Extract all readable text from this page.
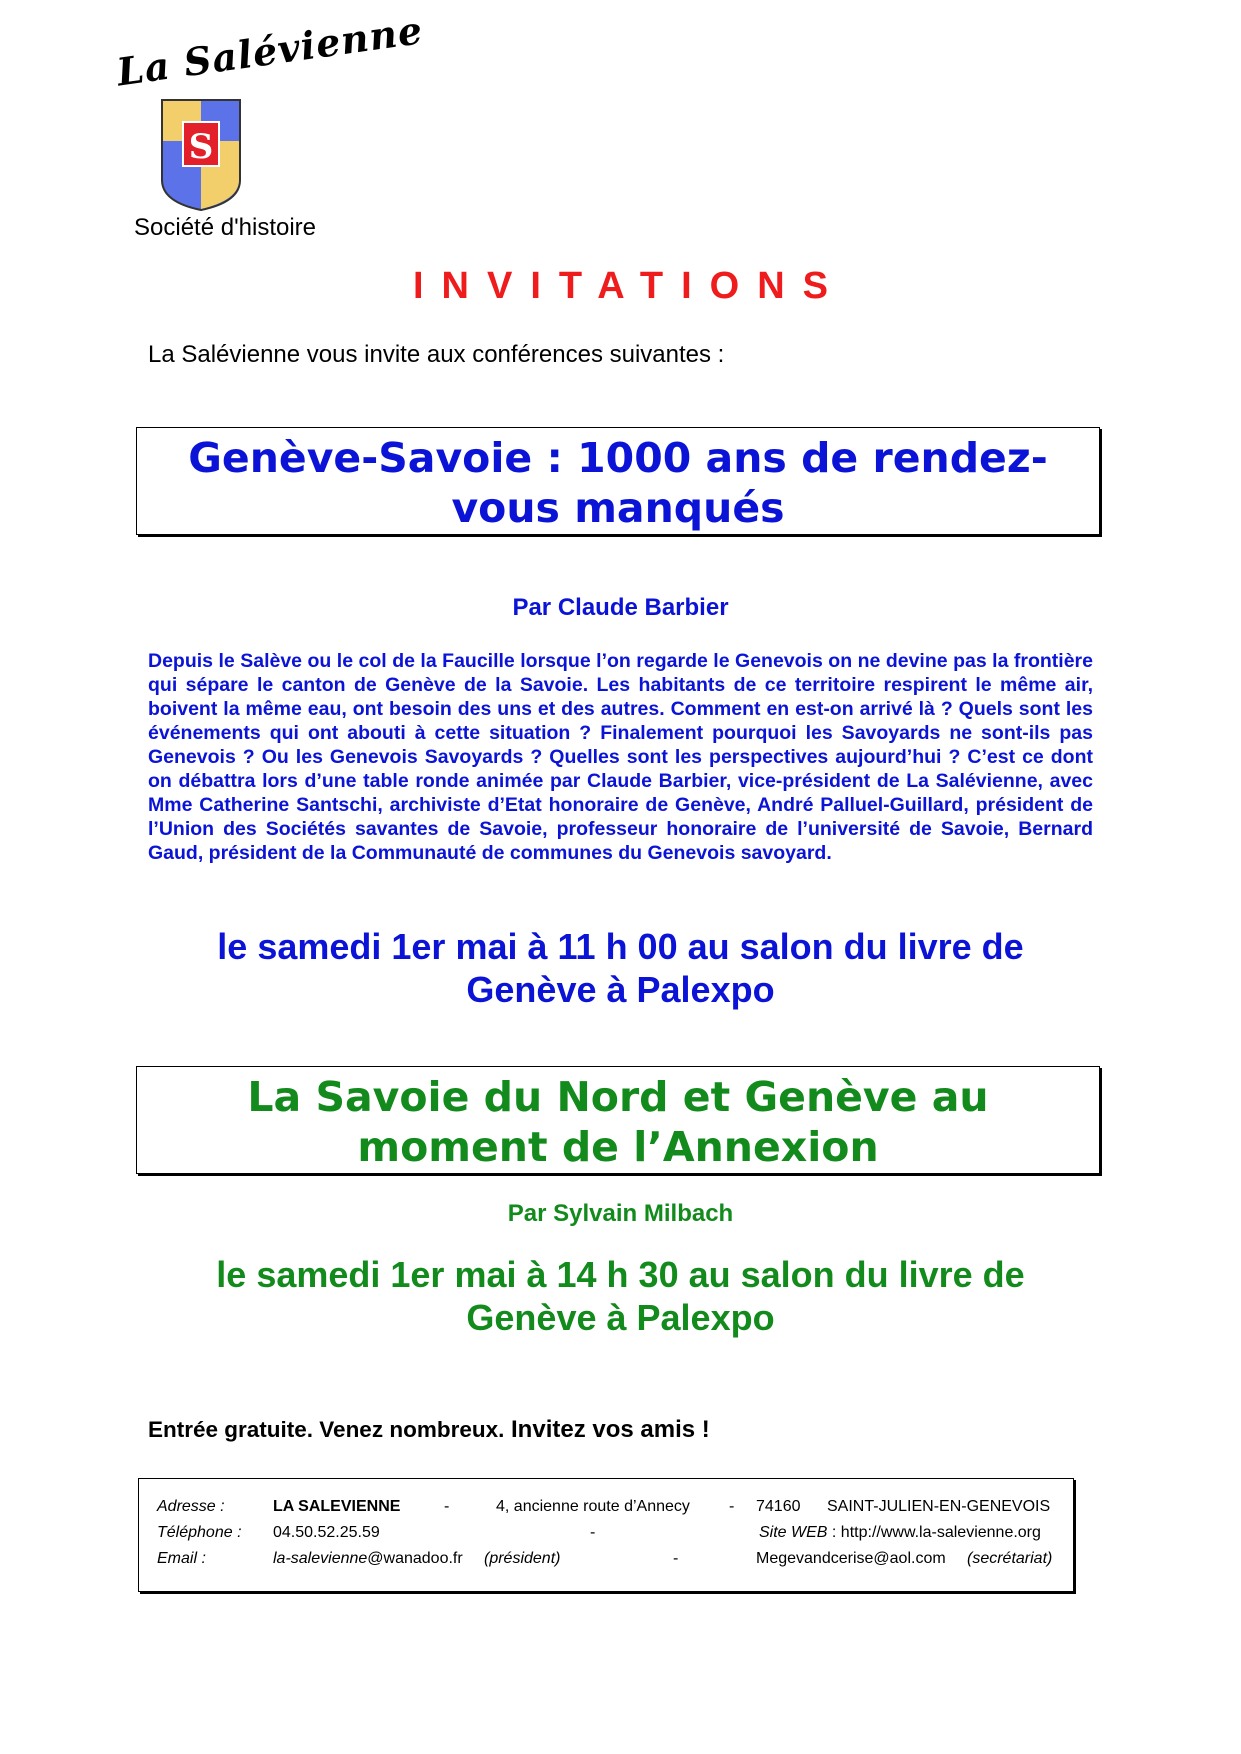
S
La Salévienne
Société d'histoire
INVITATIONS
La Salévienne vous invite aux conférences suivantes :
Genève-Savoie : 1000 ans de rendez-
vous manqués
Par Claude Barbier
Depuis le Salève ou le col de la Faucille lorsque l’on regarde le Genevois on ne devine pas la frontière qui sépare le canton de Genève de la Savoie. Les habitants de ce territoire respirent le même air, boivent la même eau, ont besoin des uns et des autres. Comment en est-on arrivé là ? Quels sont les événements qui ont abouti à cette situation ? Finalement pourquoi les Savoyards ne sont-ils pas Genevois ? Ou les Genevois Savoyards ? Quelles sont les perspectives aujourd’hui ? C’est ce dont on débattra lors d’une table ronde animée par Claude Barbier, vice-président de La Salévienne, avec Mme Catherine Santschi, archiviste d’Etat honoraire de Genève, André Palluel-Guillard, président de l’Union des Sociétés savantes de Savoie, professeur honoraire de l’université de Savoie, Bernard Gaud, président de la Communauté de communes du Genevois savoyard.
le samedi 1er mai à 11 h 00 au salon du livre de
Genève à Palexpo
La Savoie du Nord et Genève au
moment de l’Annexion
Par Sylvain Milbach
le samedi 1er mai à 14 h 30 au salon du livre de
Genève à Palexpo
Entrée gratuite. Venez nombreux. Invitez vos amis !
Adresse :	LA SALEVIENNE	-	4, ancienne route d’Annecy - 74160 SAINT-JULIEN-EN-GENEVOIS
Téléphone : 04.50.52.25.59	-	Site WEB : http://www.la-salevienne.org
Email :	la-salevienne@wanadoo.fr (président)	-	Megevandcerise@aol.com (secrétariat)
